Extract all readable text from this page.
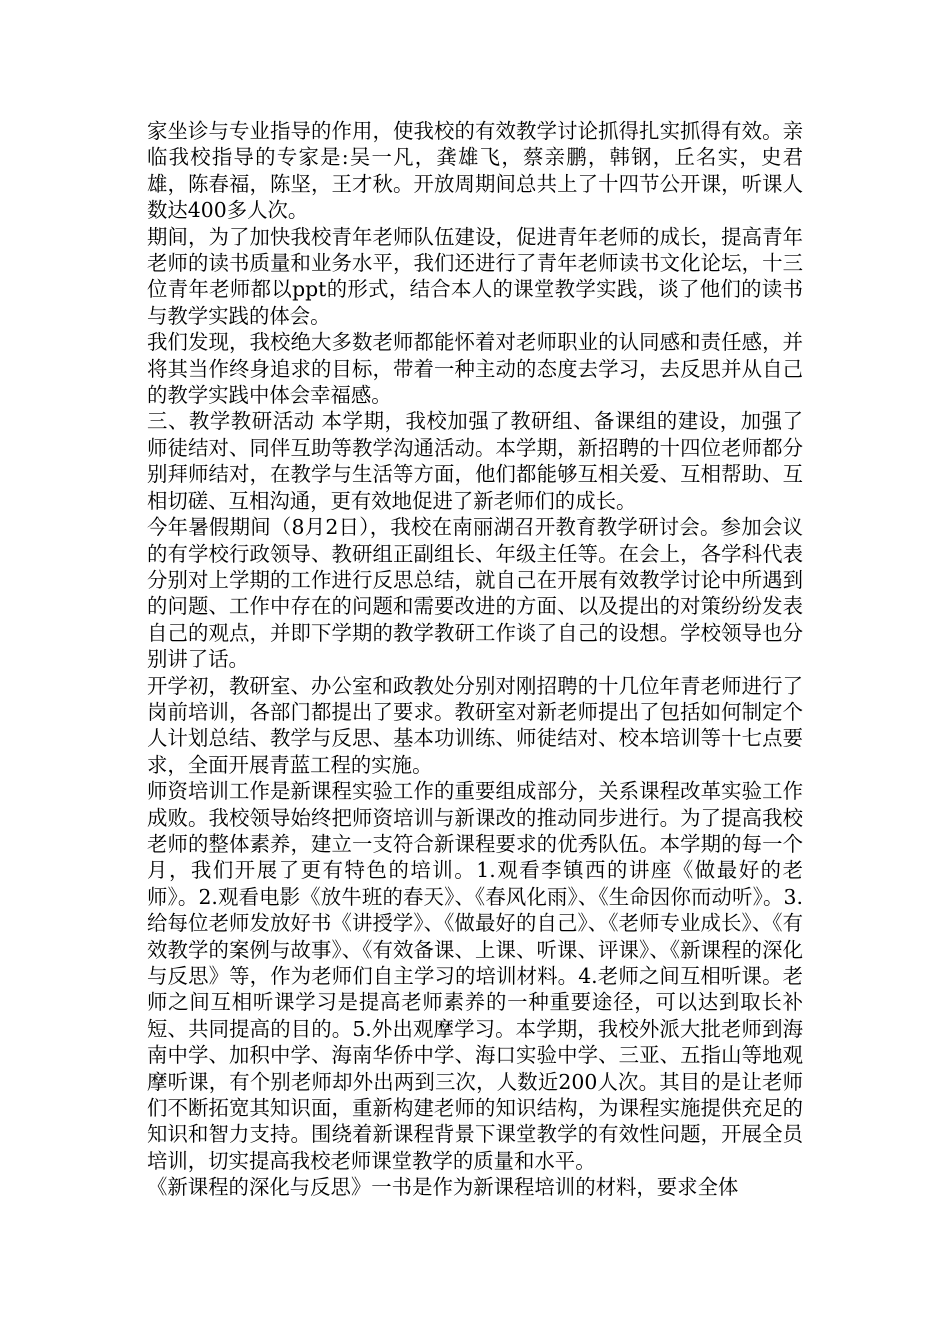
家坐诊与专业指导的作用，使我校的有效教学讨论抓得扎实抓得有效。亲临我校指导的专家是:吴一凡，龚雄飞，蔡亲鹏，韩钢，丘名实，史君雄，陈春福，陈坚，王才秋。开放周期间总共上了十四节公开课，听课人数达400多人次。

期间，为了加快我校青年老师队伍建设，促进青年老师的成长，提高青年老师的读书质量和业务水平，我们还进行了青年老师读书文化论坛，十三位青年老师都以ppt的形式，结合本人的课堂教学实践，谈了他们的读书与教学实践的体会。

我们发现，我校绝大多数老师都能怀着对老师职业的认同感和责任感，并将其当作终身追求的目标，带着一种主动的态度去学习，去反思并从自己的教学实践中体会幸福感。

三、教学教研活动 本学期，我校加强了教研组、备课组的建设，加强了师徒结对、同伴互助等教学沟通活动。本学期，新招聘的十四位老师都分别拜师结对，在教学与生活等方面，他们都能够互相关爱、互相帮助、互相切磋、互相沟通，更有效地促进了新老师们的成长。

今年暑假期间（8月2日），我校在南丽湖召开教育教学研讨会。参加会议的有学校行政领导、教研组正副组长、年级主任等。在会上，各学科代表分别对上学期的工作进行反思总结，就自己在开展有效教学讨论中所遇到的问题、工作中存在的问题和需要改进的方面、以及提出的对策纷纷发表自己的观点，并即下学期的教学教研工作谈了自己的设想。学校领导也分别讲了话。

开学初，教研室、办公室和政教处分别对刚招聘的十几位年青老师进行了岗前培训，各部门都提出了要求。教研室对新老师提出了包括如何制定个人计划总结、教学与反思、基本功训练、师徒结对、校本培训等十七点要求，全面开展青蓝工程的实施。

师资培训工作是新课程实验工作的重要组成部分，关系课程改革实验工作成败。我校领导始终把师资培训与新课改的推动同步进行。为了提高我校老师的整体素养，建立一支符合新课程要求的优秀队伍。本学期的每一个月，我们开展了更有特色的培训。1.观看李镇西的讲座《做最好的老师》。2.观看电影《放牛班的春天》、《春风化雨》、《生命因你而动听》。3.给每位老师发放好书《讲授学》、《做最好的自己》、《老师专业成长》、《有效教学的案例与故事》、《有效备课、上课、听课、评课》、《新课程的深化与反思》等，作为老师们自主学习的培训材料。4.老师之间互相听课。老师之间互相听课学习是提高老师素养的一种重要途径，可以达到取长补短、共同提高的目的。5.外出观摩学习。本学期，我校外派大批老师到海南中学、加积中学、海南华侨中学、海口实验中学、三亚、五指山等地观摩听课，有个别老师却外出两到三次，人数近200人次。其目的是让老师们不断拓宽其知识面，重新构建老师的知识结构，为课程实施提供充足的知识和智力支持。围绕着新课程背景下课堂教学的有效性问题，开展全员培训，切实提高我校老师课堂教学的质量和水平。

《新课程的深化与反思》一书是作为新课程培训的材料，要求全体
